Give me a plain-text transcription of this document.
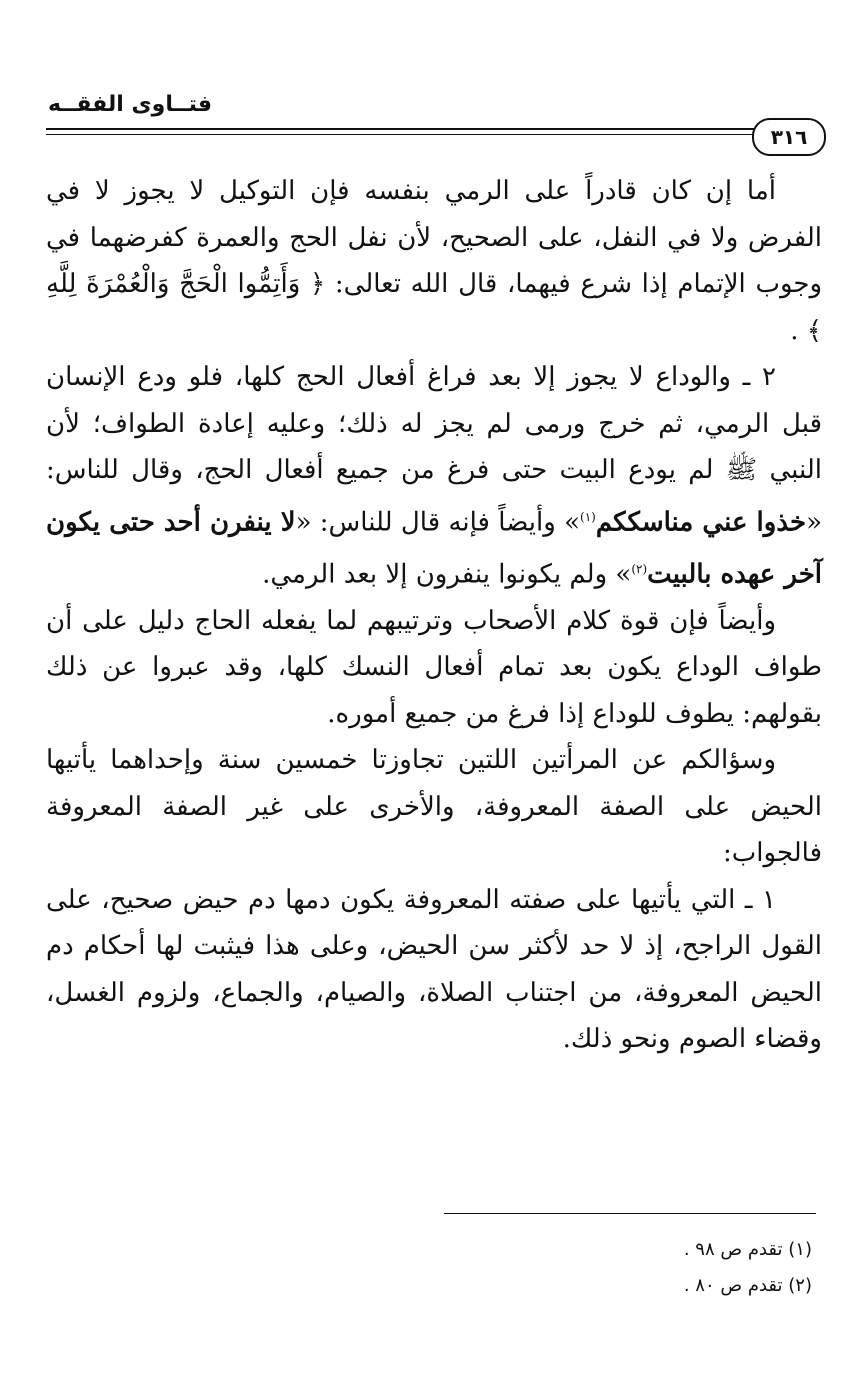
فتــاوى الفقــه
٣١٦

أما إن كان قادراً على الرمي بنفسه فإن التوكيل لا يجوز لا في الفرض ولا في النفل، على الصحيح، لأن نفل الحج والعمرة كفرضهما في وجوب الإتمام إذا شرع فيهما، قال الله تعالى: ﴿ وَأَتِمُّوا الْحَجَّ وَالْعُمْرَةَ لِلَّهِ ﴾ .

٢ ـ والوداع لا يجوز إلا بعد فراغ أفعال الحج كلها، فلو ودع الإنسان قبل الرمي، ثم خرج ورمى لم يجز له ذلك؛ وعليه إعادة الطواف؛ لأن النبي ﷺ لم يودع البيت حتى فرغ من جميع أفعال الحج، وقال للناس: «خذوا عني مناسككم$^{(١)}$» وأيضاً فإنه قال للناس: «لا ينفرن أحد حتى يكون آخر عهده بالبيت$^{(٢)}$» ولم يكونوا ينفرون إلا بعد الرمي.

وأيضاً فإن قوة كلام الأصحاب وترتيبهم لما يفعله الحاج دليل على أن طواف الوداع يكون بعد تمام أفعال النسك كلها، وقد عبروا عن ذلك بقولهم: يطوف للوداع إذا فرغ من جميع أموره.

وسؤالكم عن المرأتين اللتين تجاوزتا خمسين سنة وإحداهما يأتيها الحيض على الصفة المعروفة، والأخرى على غير الصفة المعروفة فالجواب:

١ ـ التي يأتيها على صفته المعروفة يكون دمها دم حيض صحيح، على القول الراجح، إذ لا حد لأكثر سن الحيض، وعلى هذا فيثبت لها أحكام دم الحيض المعروفة، من اجتناب الصلاة، والصيام، والجماع، ولزوم الغسل، وقضاء الصوم ونحو ذلك.

(١) تقدم ص ٩٨ .
(٢) تقدم ص ٨٠ .
